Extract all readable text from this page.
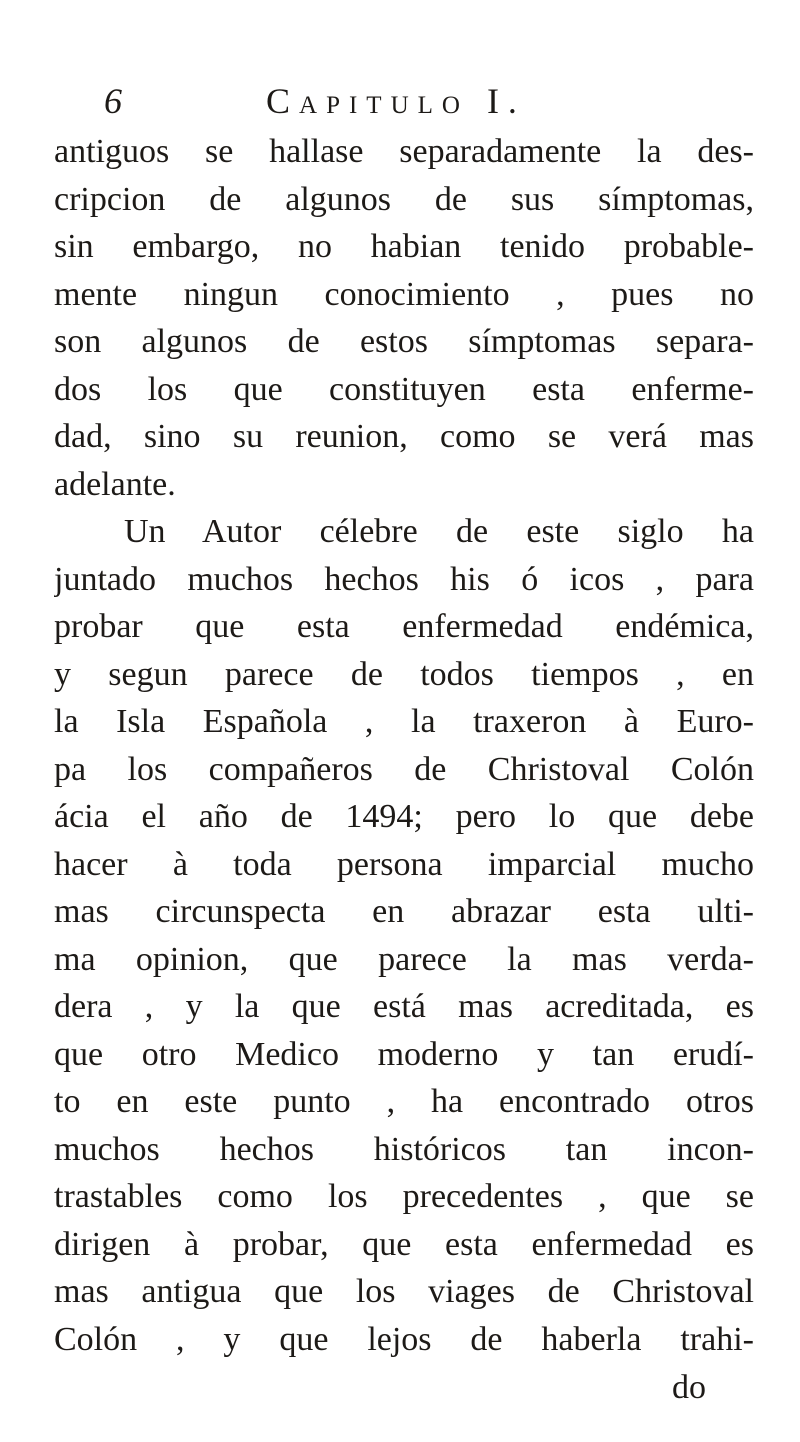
6	Capitulo I.
antiguos se hallase separadamente la des-
cripcion de algunos de sus símptomas,
sin embargo, no habian tenido probable-
mente ningun conocimiento , pues no
son algunos de estos símptomas separa-
dos los que constituyen esta enferme-
dad, sino su reunion, como se verá mas
adelante.
Un Autor célebre de este siglo ha
juntado muchos hechos his ó icos , para
probar que esta enfermedad endémica,
y segun parece de todos tiempos , en
la Isla Española , la traxeron à Euro-
pa los compañeros de Christoval Colón
ácia el año de 1494; pero lo que debe
hacer à toda persona imparcial mucho
mas circunspecta en abrazar esta ulti-
ma opinion, que parece la mas verda-
dera , y la que está mas acreditada, es
que otro Medico moderno y tan erudí-
to en este punto , ha encontrado otros
muchos hechos históricos tan incon-
trastables como los precedentes , que se
dirigen à probar, que esta enfermedad es
mas antigua que los viages de Christoval
Colón , y que lejos de haberla trahi-
do
